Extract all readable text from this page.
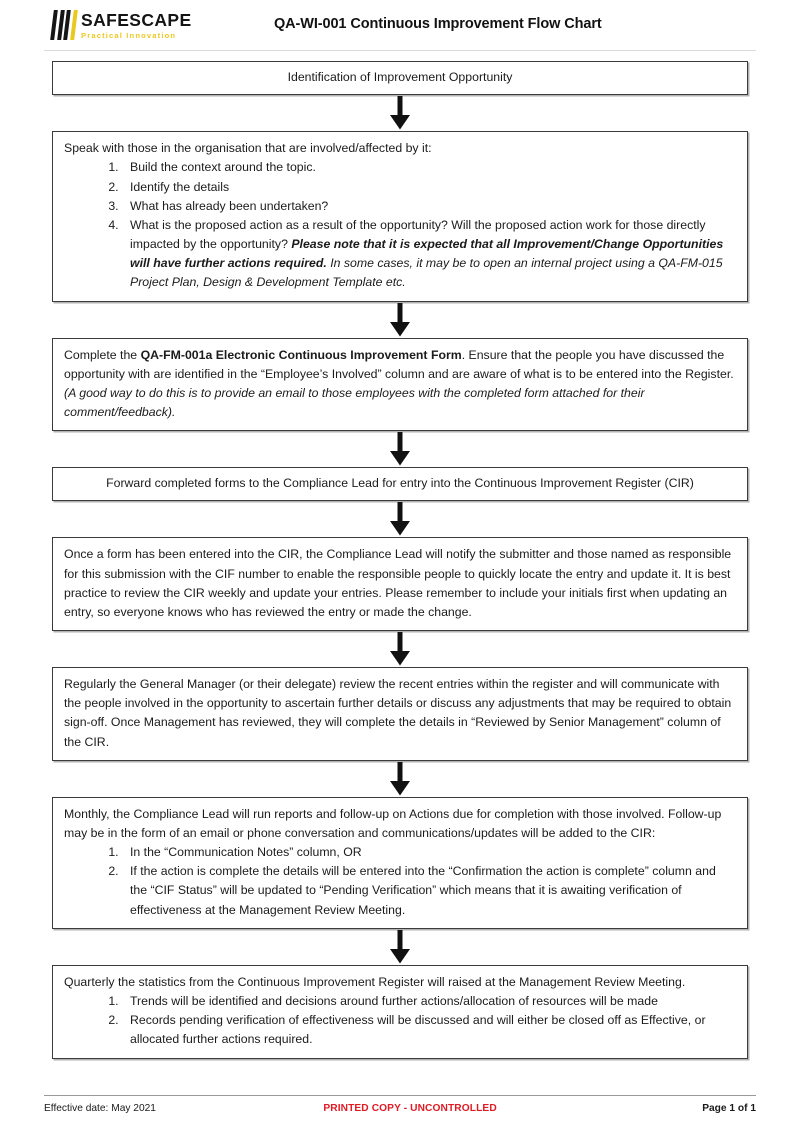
SAFESCAPE
Practical Innovation
QA-WI-001 Continuous Improvement Flow Chart

Identification of Improvement Opportunity

Speak with those in the organisation that are involved/affected by it:

1. Build the context around the topic.
2. Identify the details
3. What has already been undertaken?
4. What is the proposed action as a result of the opportunity? Will the proposed action work for those directly impacted by the opportunity? Please note that it is expected that all Improvement/Change Opportunities will have further actions required. In some cases, it may be to open an internal project using a QA-FM-015 Project Plan, Design & Development Template etc.

Complete the QA-FM-001a Electronic Continuous Improvement Form. Ensure that the people you have discussed the opportunity with are identified in the “Employee’s Involved” column and are aware of what is to be entered into the Register. (A good way to do this is to provide an email to those employees with the completed form attached for their comment/feedback).

Forward completed forms to the Compliance Lead for entry into the Continuous Improvement Register (CIR)

Once a form has been entered into the CIR, the Compliance Lead will notify the submitter and those named as responsible for this submission with the CIF number to enable the responsible people to quickly locate the entry and update it. It is best practice to review the CIR weekly and update your entries. Please remember to include your initials first when updating an entry, so everyone knows who has reviewed the entry or made the change.

Regularly the General Manager (or their delegate) review the recent entries within the register and will communicate with the people involved in the opportunity to ascertain further details or discuss any adjustments that may be required to obtain sign-off. Once Management has reviewed, they will complete the details in “Reviewed by Senior Management” column of the CIR.

Monthly, the Compliance Lead will run reports and follow-up on Actions due for completion with those involved. Follow-up may be in the form of an email or phone conversation and communications/updates will be added to the CIR:

1. In the “Communication Notes” column, OR
2. If the action is complete the details will be entered into the “Confirmation the action is complete” column and the “CIF Status” will be updated to “Pending Verification” which means that it is awaiting verification of effectiveness at the Management Review Meeting.

Quarterly the statistics from the Continuous Improvement Register will raised at the Management Review Meeting.

1. Trends will be identified and decisions around further actions/allocation of resources will be made
2. Records pending verification of effectiveness will be discussed and will either be closed off as Effective, or allocated further actions required.
Effective date: May 2021	PRINTED COPY - UNCONTROLLED	Page 1 of 1
